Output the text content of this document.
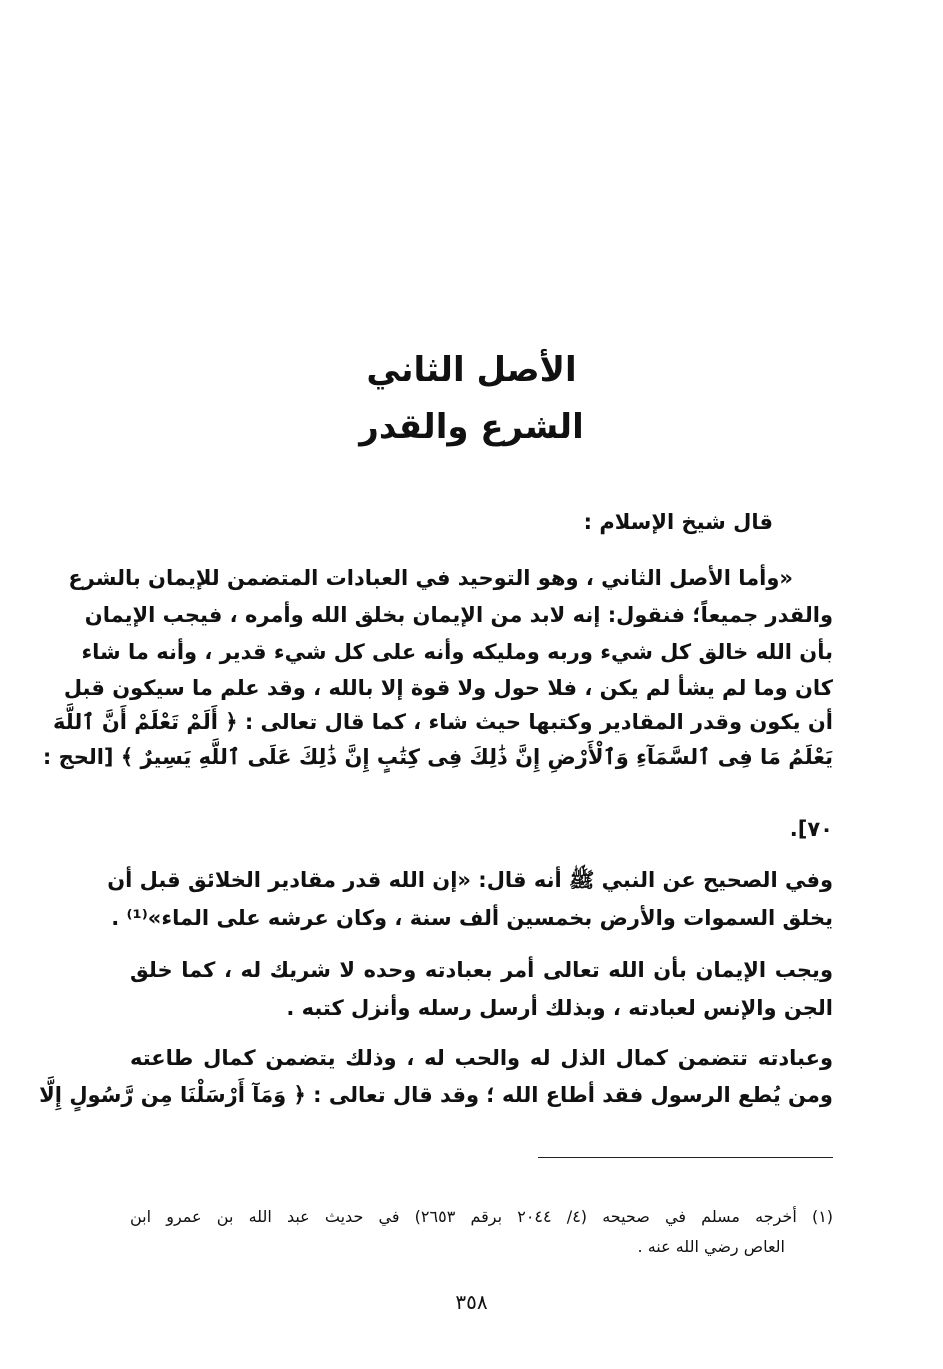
الأصل الثاني
الشرع والقدر
قال شيخ الإسلام :
«وأما الأصل الثاني ، وهو التوحيد في العبادات المتضمن للإيمان بالشرع
والقدر جميعاً؛ فنقول: إنه لابد من الإيمان بخلق الله وأمره ، فيجب الإيمان
بأن الله خالق كل شيء وربه ومليكه وأنه على كل شيء قدير ، وأنه ما شاء
كان وما لم يشأ لم يكن ، فلا حول ولا قوة إلا بالله ، وقد علم ما سيكون قبل
أن يكون وقدر المقادير وكتبها حيث شاء ، كما قال تعالى : ﴿ أَلَمْ تَعْلَمْ أَنَّ ٱللَّهَ
يَعْلَمُ مَا فِى ٱلسَّمَآءِ وَٱلْأَرْضِ إِنَّ ذَٰلِكَ فِى كِتَٰبٍ إِنَّ ذَٰلِكَ عَلَى ٱللَّهِ يَسِيرٌ ﴾ [الحج :
٧٠].
وفي الصحيح عن النبي ﷺ أنه قال: «إن الله قدر مقادير الخلائق قبل أن
يخلق السموات والأرض بخمسين ألف سنة ، وكان عرشه على الماء»⁽¹⁾ .
ويجب الإيمان بأن الله تعالى أمر بعبادته وحده لا شريك له ، كما خلق
الجن والإنس لعبادته ، وبذلك أرسل رسله وأنزل كتبه .
وعبادته تتضمن كمال الذل له والحب له ، وذلك يتضمن كمال طاعته
ومن يُطع الرسول فقد أطاع الله ؛ وقد قال تعالى : ﴿ وَمَآ أَرْسَلْنَا مِن رَّسُولٍ إِلَّا
(١) أخرجه مسلم في صحيحه (٤/ ٢٠٤٤ برقم ٢٦٥٣) في حديث عبد الله بن عمرو ابن
العاص رضي الله عنه .
٣٥٨
